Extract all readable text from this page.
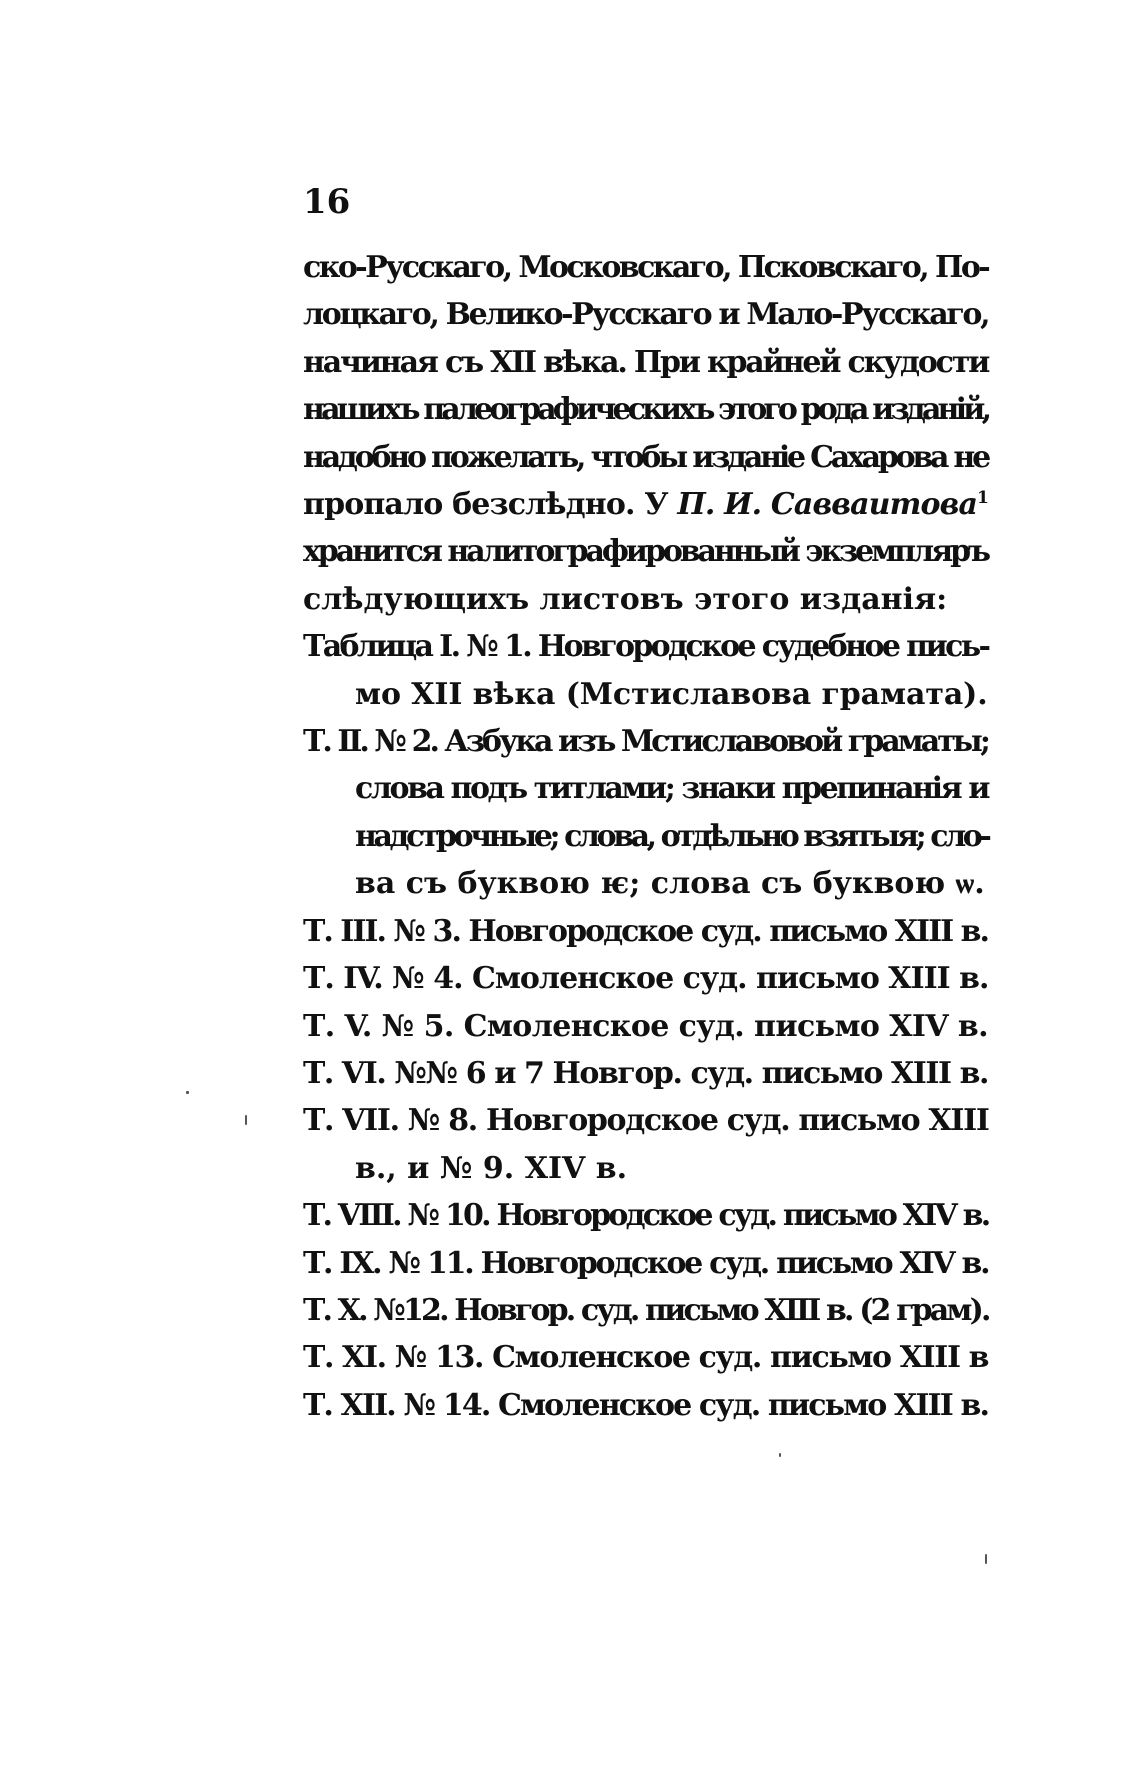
16
ско-Русскаго, Московскаго, Псковскаго, По-
лоцкаго, Велико-Русскаго и Мало-Русскаго,
начиная съ XII вѣка. При крайней скудости
нашихъ палеографическихъ этого рода изданій,
надобно пожелать, чтобы изданіе Сахарова не
пропало безслѣдно. У П. И. Савваитова$^1$
хранится налитографированный экземпляръ
слѣдующихъ листовъ этого изданія:
Таблица I. № 1. Новгородское судебное пись-
мо XII вѣка (Мстиславова грамата).
Т. II. № 2. Азбука изъ Мстиславовой граматы;
слова подъ титлами; знаки препинанія и
надстрочные; слова, отдѣльно взятыя; сло-
ва съ буквою ѥ; слова съ буквою ѡ.
Т. III. № 3. Новгородское суд. письмо XIII в.
Т. IV. № 4. Смоленское суд. письмо XIII в.
Т. V. № 5. Смоленское суд. письмо XIV в.
Т. VI. №№ 6 и 7 Новгор. суд. письмо XIII в.
Т. VII. № 8. Новгородское суд. письмо XIII
в., и № 9. XIV в.
Т. VIII. № 10. Новгородское суд. письмо XIV в.
Т. IX. № 11. Новгородское суд. письмо XIV в.
Т. X. №12. Новгор. суд. письмо XIII в. (2 грам).
Т. XI. № 13. Смоленское суд. письмо XIII в
Т. XII. № 14. Смоленское суд. письмо XIII в.
